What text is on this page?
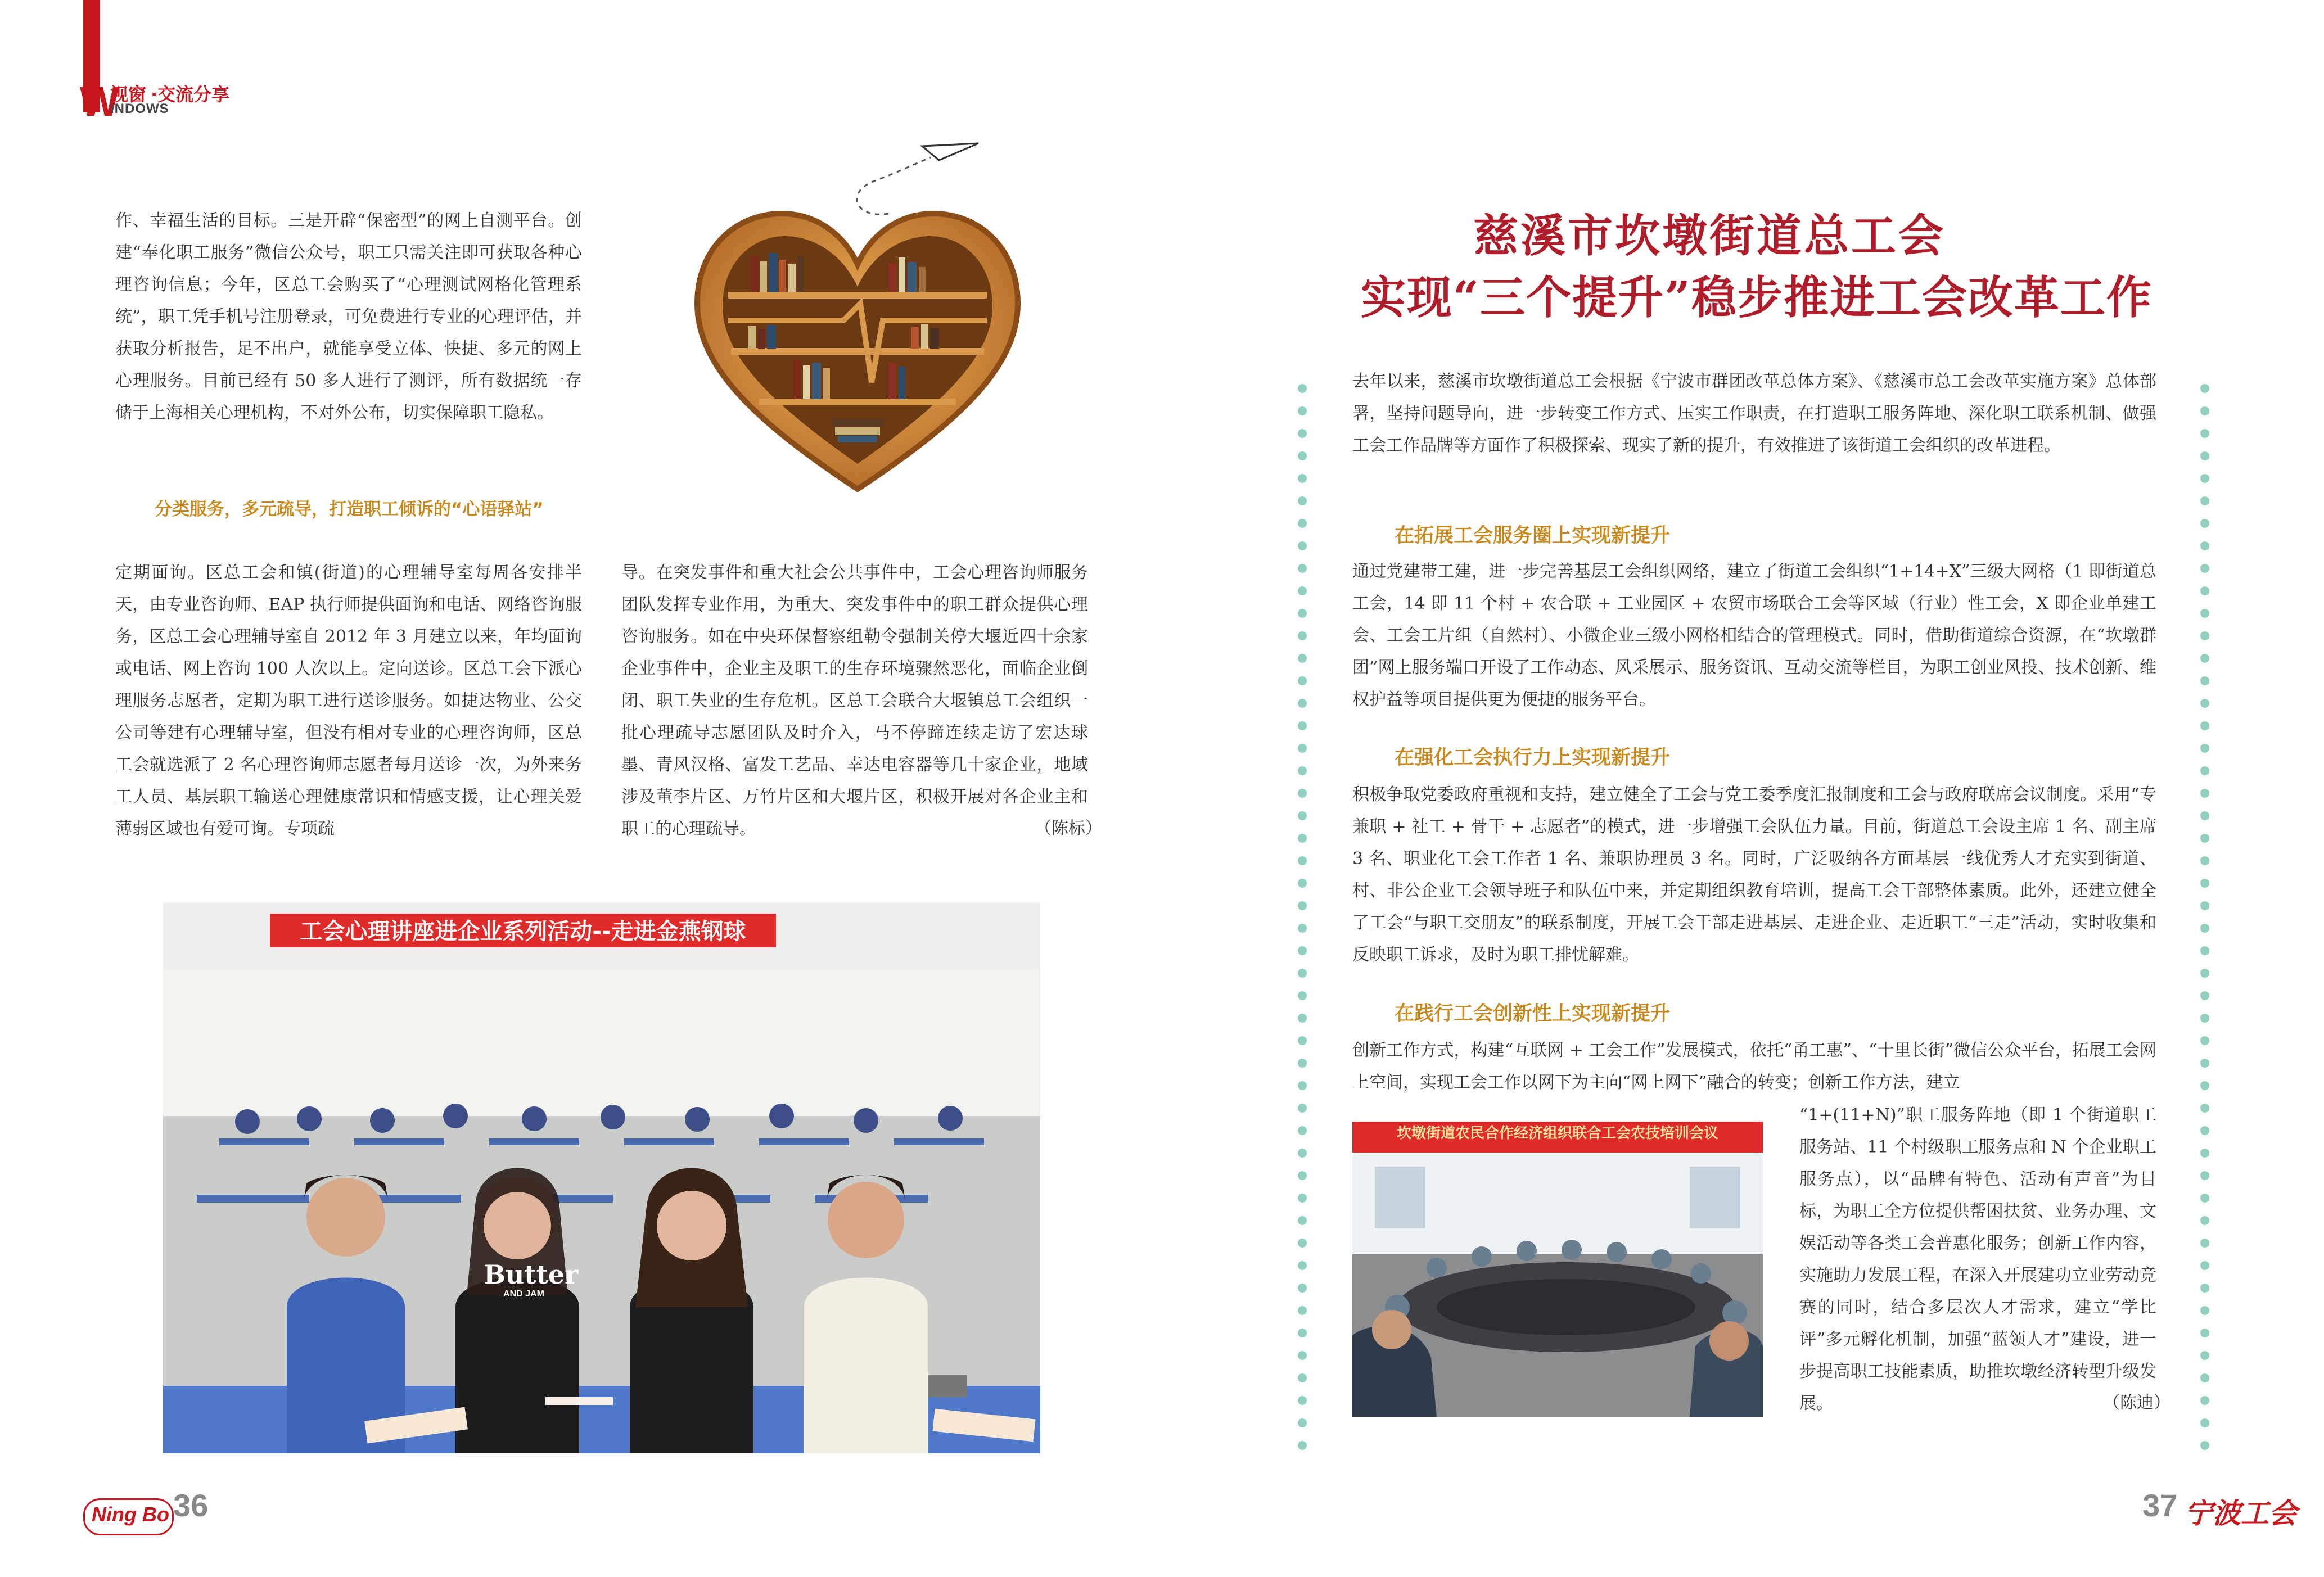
W
视窗 ·交流分享
INDOWS
作、幸福生活的目标。三是开辟“保密型”的网上自测平台。创建“奉化职工服务”微信公众号，职工只需关注即可获取各种心理咨询信息；今年，区总工会购买了“心理测试网格化管理系统”，职工凭手机号注册登录，可免费进行专业的心理评估，并获取分析报告，足不出户，就能享受立体、快捷、多元的网上心理服务。目前已经有 50 多人进行了测评，所有数据统一存储于上海相关心理机构，不对外公布，切实保障职工隐私。
分类服务，多元疏导，打造职工倾诉的“心语驿站”
定期面询。区总工会和镇(街道)的心理辅导室每周各安排半天，由专业咨询师、EAP 执行师提供面询和电话、网络咨询服务，区总工会心理辅导室自 2012 年 3 月建立以来，年均面询或电话、网上咨询 100 人次以上。定向送诊。区总工会下派心理服务志愿者，定期为职工进行送诊服务。如捷达物业、公交公司等建有心理辅导室，但没有相对专业的心理咨询师，区总工会就选派了 2 名心理咨询师志愿者每月送诊一次，为外来务工人员、基层职工输送心理健康常识和情感支援，让心理关爱薄弱区域也有爱可询。专项疏
导。在突发事件和重大社会公共事件中，工会心理咨询师服务团队发挥专业作用，为重大、突发事件中的职工群众提供心理咨询服务。如在中央环保督察组勒令强制关停大堰近四十余家企业事件中，企业主及职工的生存环境骤然恶化，面临企业倒闭、职工失业的生存危机。区总工会联合大堰镇总工会组织一批心理疏导志愿团队及时介入，马不停蹄连续走访了宏达球墨、青风汉格、富发工艺品、幸达电容器等几十家企业，地域涉及董李片区、万竹片区和大堰片区，积极开展对各企业主和职工的心理疏导。	（陈标）
工会心理讲座进企业系列活动--走进金燕钢球
Butter
AND JAM
Ning Bo 36
慈溪市坎墩街道总工会
实现“三个提升”稳步推进工会改革工作
去年以来，慈溪市坎墩街道总工会根据《宁波市群团改革总体方案》、《慈溪市总工会改革实施方案》总体部署，坚持问题导向，进一步转变工作方式、压实工作职责，在打造职工服务阵地、深化职工联系机制、做强工会工作品牌等方面作了积极探索、现实了新的提升，有效推进了该街道工会组织的改革进程。
在拓展工会服务圈上实现新提升
通过党建带工建，进一步完善基层工会组织网络，建立了街道工会组织“1+14+X”三级大网格（1 即街道总工会，14 即 11 个村 + 农合联 + 工业园区 + 农贸市场联合工会等区域（行业）性工会，X 即企业单建工会、工会工片组（自然村）、小微企业三级小网格相结合的管理模式。同时，借助街道综合资源，在“坎墩群团”网上服务端口开设了工作动态、风采展示、服务资讯、互动交流等栏目，为职工创业风投、技术创新、维权护益等项目提供更为便捷的服务平台。
在强化工会执行力上实现新提升
积极争取党委政府重视和支持，建立健全了工会与党工委季度汇报制度和工会与政府联席会议制度。采用“专兼职 + 社工 + 骨干 + 志愿者”的模式，进一步增强工会队伍力量。目前，街道总工会设主席 1 名、副主席 3 名、职业化工会工作者 1 名、兼职协理员 3 名。同时，广泛吸纳各方面基层一线优秀人才充实到街道、村、非公企业工会领导班子和队伍中来，并定期组织教育培训，提高工会干部整体素质。此外，还建立健全了工会“与职工交朋友”的联系制度，开展工会干部走进基层、走进企业、走近职工“三走”活动，实时收集和反映职工诉求，及时为职工排忧解难。
在践行工会创新性上实现新提升
创新工作方式，构建“互联网 + 工会工作”发展模式，依托“甬工惠”、“十里长街”微信公众平台，拓展工会网上空间，实现工会工作以网下为主向“网上网下”融合的转变；创新工作方法，建立
“1+(11+N)”职工服务阵地（即 1 个街道职工服务站、11 个村级职工服务点和 N 个企业职工服务点），以“品牌有特色、活动有声音”为目标，为职工全方位提供帮困扶贫、业务办理、文娱活动等各类工会普惠化服务；创新工作内容，实施助力发展工程，在深入开展建功立业劳动竞赛的同时，结合多层次人才需求，建立“学比评”多元孵化机制，加强“蓝领人才”建设，进一步提高职工技能素质，助推坎墩经济转型升级发展。	（陈迪）
坎墩街道农民合作经济组织联合工会农技培训会议
37 宁波工会
